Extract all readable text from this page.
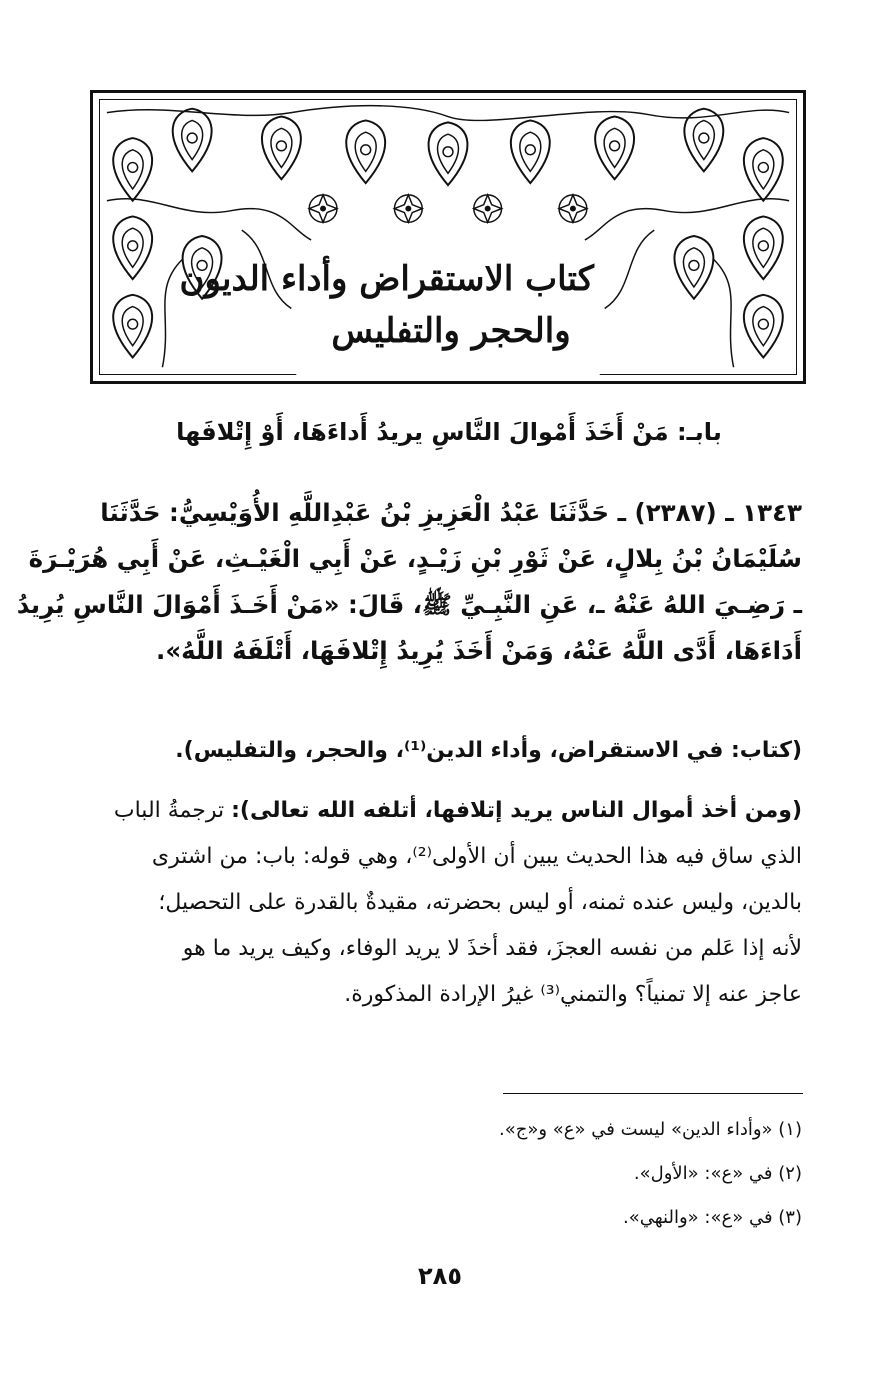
كتاب الاستقراض وأداء الديون
والحجر والتفليس
بابـ: مَنْ أَخَذَ أَمْوالَ النَّاسِ يريدُ أَداءَهَا، أَوْ إِتْلافَها
١٣٤٣ ـ (٢٣٨٧) ـ حَدَّثَنَا عَبْدُ الْعَزِيزِ بْنُ عَبْدِاللَّهِ الأُوَيْسِيُّ: حَدَّثَنَا
سُلَيْمَانُ بْنُ بِلالٍ، عَنْ ثَوْرِ بْنِ زَيْـدٍ، عَنْ أَبِي الْغَيْـثِ، عَنْ أَبِي هُرَيْـرَةَ
ـ رَضِـيَ اللهُ عَنْهُ ـ، عَنِ النَّبِـيِّ ﷺ، قَالَ: «مَنْ أَخَـذَ أَمْوَالَ النَّاسِ يُرِيدُ
أَدَاءَهَا، أَدَّى اللَّهُ عَنْهُ، وَمَنْ أَخَذَ يُرِيدُ إِتْلافَهَا، أَتْلَفَهُ اللَّهُ».
(كتاب: في الاستقراض، وأداء الدين⁽¹⁾، والحجر، والتفليس).
(ومن أخذ أموال الناس يريد إتلافها، أتلفه الله تعالى): ترجمةُ الباب
الذي ساق فيه هذا الحديث يبين أن الأولى⁽²⁾، وهي قوله: باب: من اشترى
بالدين، وليس عنده ثمنه، أو ليس بحضرته، مقيدةٌ بالقدرة على التحصيل؛
لأنه إذا عَلم من نفسه العجزَ، فقد أخذَ لا يريد الوفاء، وكيف يريد ما هو
عاجز عنه إلا تمنياً؟ والتمني⁽³⁾ غيرُ الإرادة المذكورة.
(١) «وأداء الدين» ليست في «ع» و«ج».
(٢) في «ع»: «الأول».
(٣) في «ع»: «والنهي».
٢٨٥
